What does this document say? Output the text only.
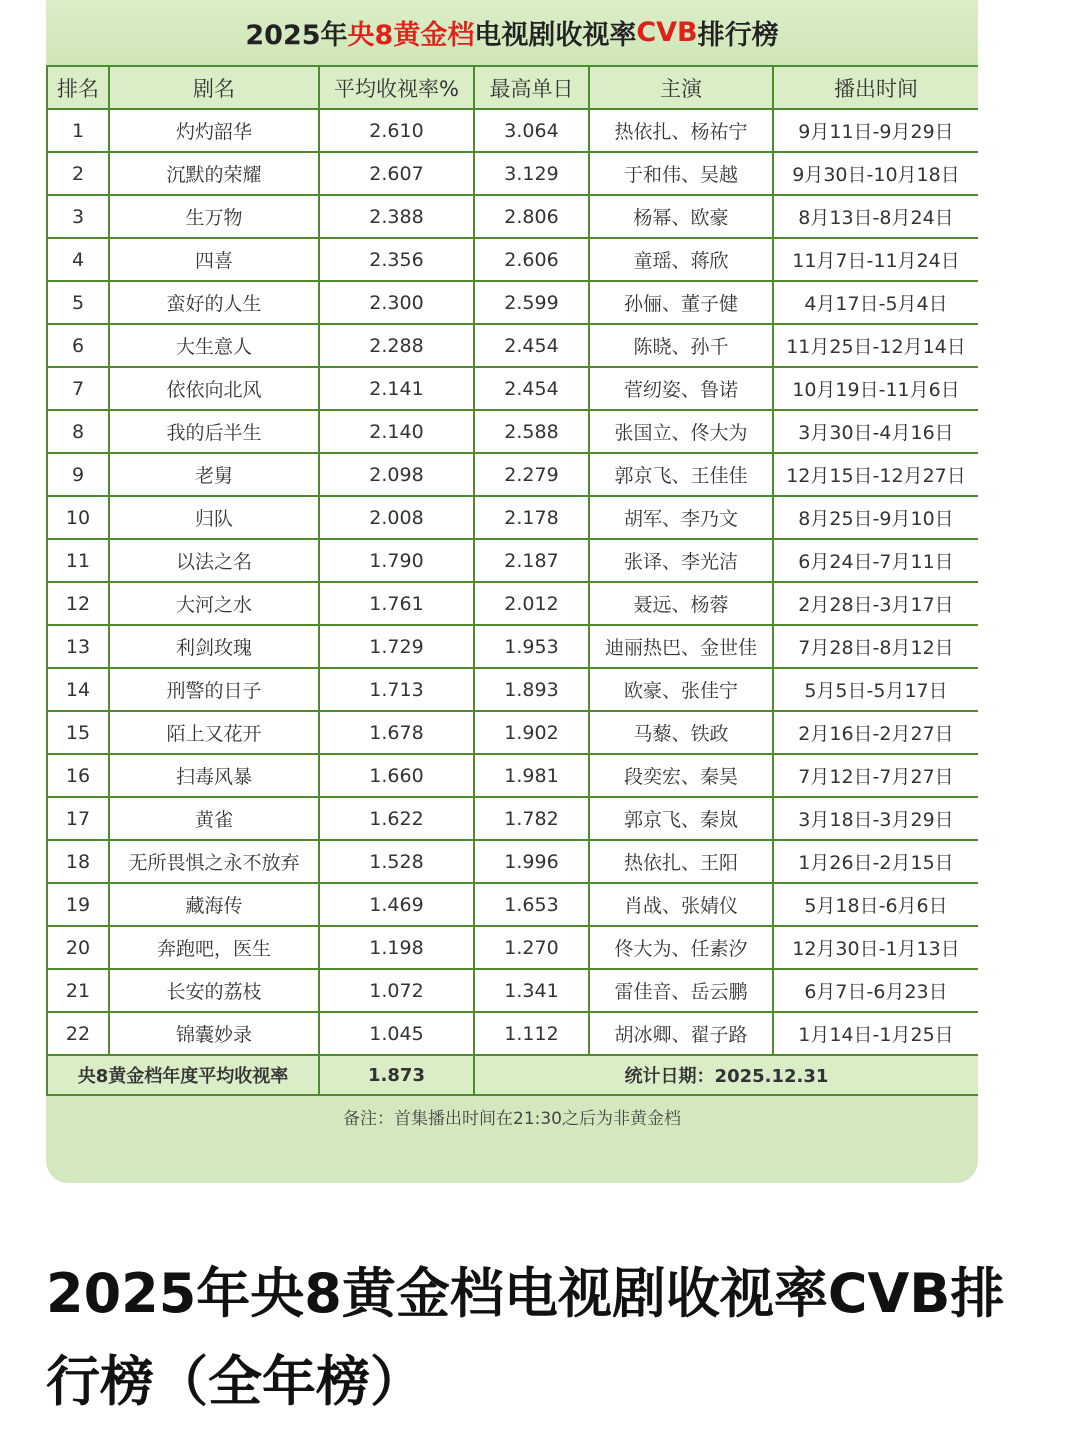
2025年 央8黄金档 电视剧收视率 CVB 排行榜
排名	剧名	平均收视率%	最高单日	主演	播出时间
1	灼灼韶华	2.610	3.064	热依扎、杨祐宁	9月11日-9月29日
2	沉默的荣耀	2.607	3.129	于和伟、吴越	9月30日-10月18日
3	生万物	2.388	2.806	杨幂、欧豪	8月13日-8月24日
4	四喜	2.356	2.606	童瑶、蒋欣	11月7日-11月24日
5	蛮好的人生	2.300	2.599	孙俪、董子健	4月17日-5月4日
6	大生意人	2.288	2.454	陈晓、孙千	11月25日-12月14日
7	依依向北风	2.141	2.454	菅纫姿、鲁诺	10月19日-11月6日
8	我的后半生	2.140	2.588	张国立、佟大为	3月30日-4月16日
9	老舅	2.098	2.279	郭京飞、王佳佳	12月15日-12月27日
10	归队	2.008	2.178	胡军、李乃文	8月25日-9月10日
11	以法之名	1.790	2.187	张译、李光洁	6月24日-7月11日
12	大河之水	1.761	2.012	聂远、杨蓉	2月28日-3月17日
13	利剑玫瑰	1.729	1.953	迪丽热巴、金世佳	7月28日-8月12日
14	刑警的日子	1.713	1.893	欧豪、张佳宁	5月5日-5月17日
15	陌上又花开	1.678	1.902	马藜、铁政	2月16日-2月27日
16	扫毒风暴	1.660	1.981	段奕宏、秦昊	7月12日-7月27日
17	黄雀	1.622	1.782	郭京飞、秦岚	3月18日-3月29日
18	无所畏惧之永不放弃	1.528	1.996	热依扎、王阳	1月26日-2月15日
19	藏海传	1.469	1.653	肖战、张婧仪	5月18日-6月6日
20	奔跑吧，医生	1.198	1.270	佟大为、任素汐	12月30日-1月13日
21	长安的荔枝	1.072	1.341	雷佳音、岳云鹏	6月7日-6月23日
22	锦囊妙录	1.045	1.112	胡冰卿、翟子路	1月14日-1月25日
央8黄金档年度平均收视率		1.873	统计日期：2025.12.31		
备注：首集播出时间在21:30之后为非黄金档
2025年央8黄金档电视剧收视率CVB排行榜（全年榜）
